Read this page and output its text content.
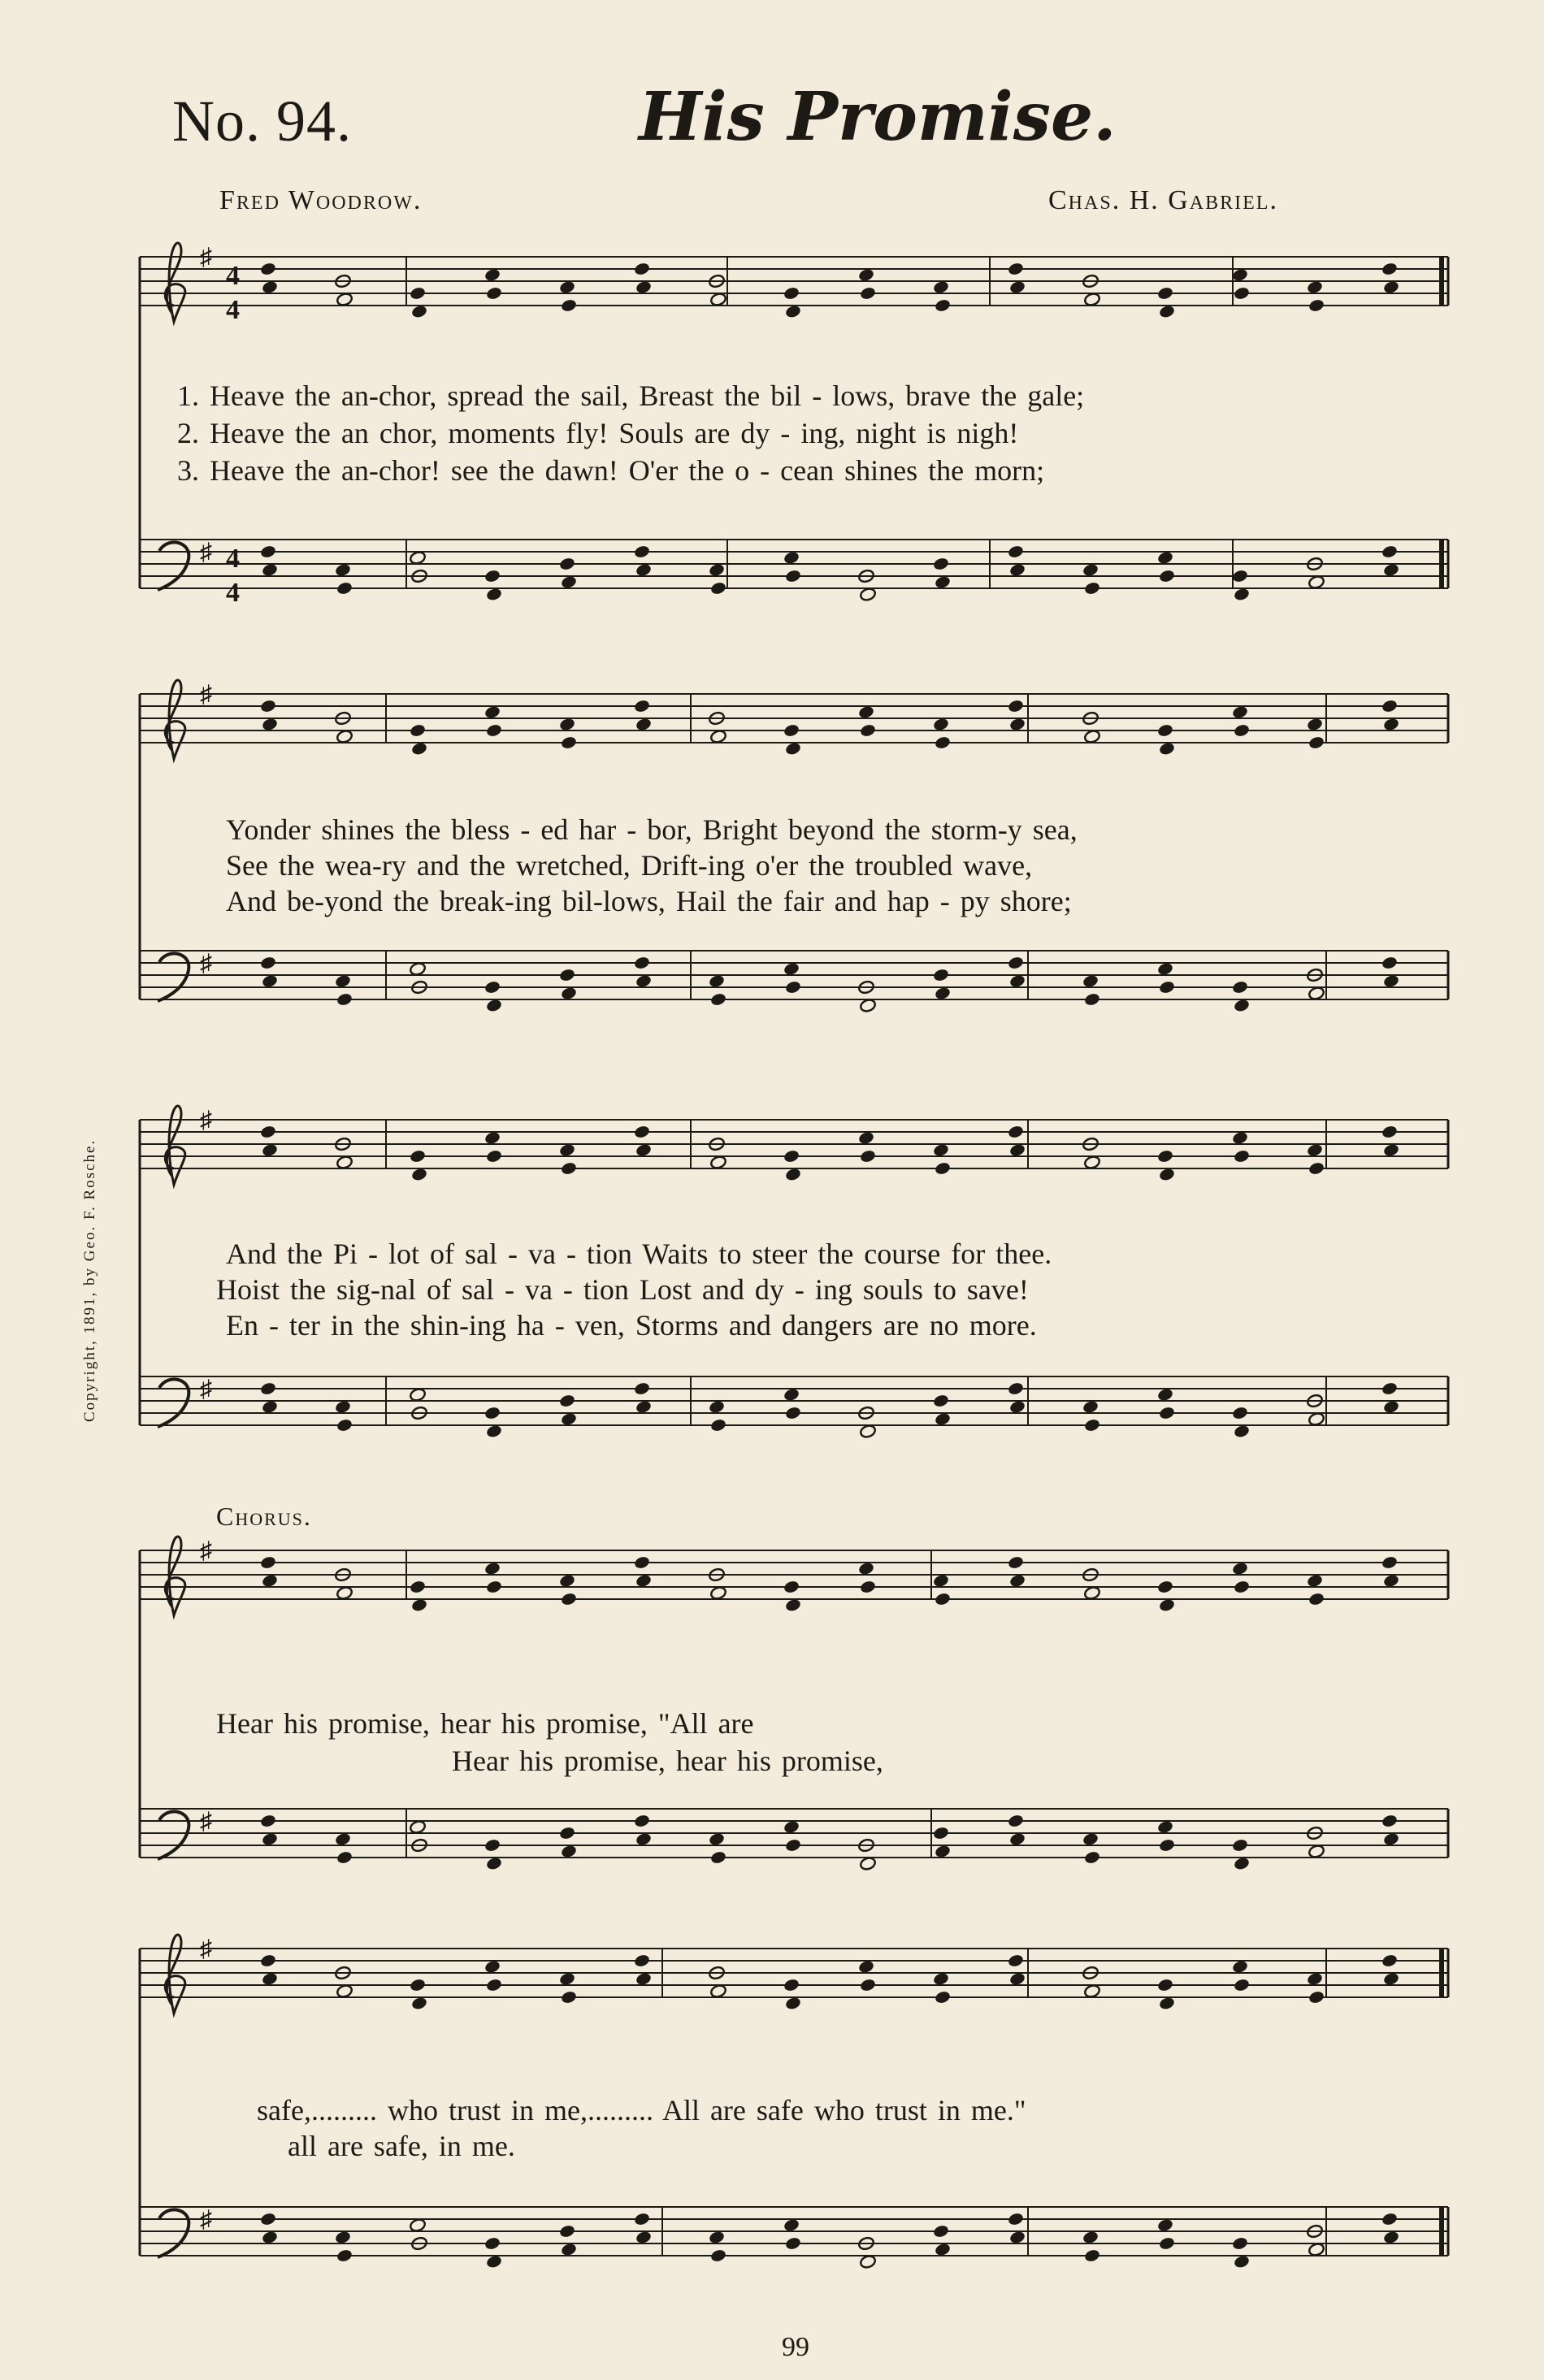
No. 94.	His Promise.
Fred Woodrow.	Chas. H. Gabriel.
♯
♯
♯
♯
♯
♯
♯
♯
♯
♯
4
4
4
4
1. Heave the an-chor, spread the sail, Breast the bil - lows, brave the gale;
2. Heave the an chor, moments fly! Souls are dy - ing, night is nigh!
3. Heave the an-chor! see the dawn! O'er the o - cean shines the morn;
Yonder shines the bless - ed har - bor, Bright beyond the storm-y sea,
See the wea-ry and the wretched, Drift-ing o'er the troubled wave,
And be-yond the break-ing bil-lows, Hail the fair and hap - py shore;
And the Pi - lot of sal - va - tion Waits to steer the course for thee.
Hoist the sig-nal of sal - va - tion Lost and dy - ing souls to save!
En - ter in the shin-ing ha - ven, Storms and dangers are no more.
Chorus.
Hear his promise, hear his promise, "All are
Hear his promise, hear his promise,
safe,......... who trust in me,......... All are safe who trust in me."
all are safe, in me.
Copyright, 1891, by Geo. F. Rosche.
99
